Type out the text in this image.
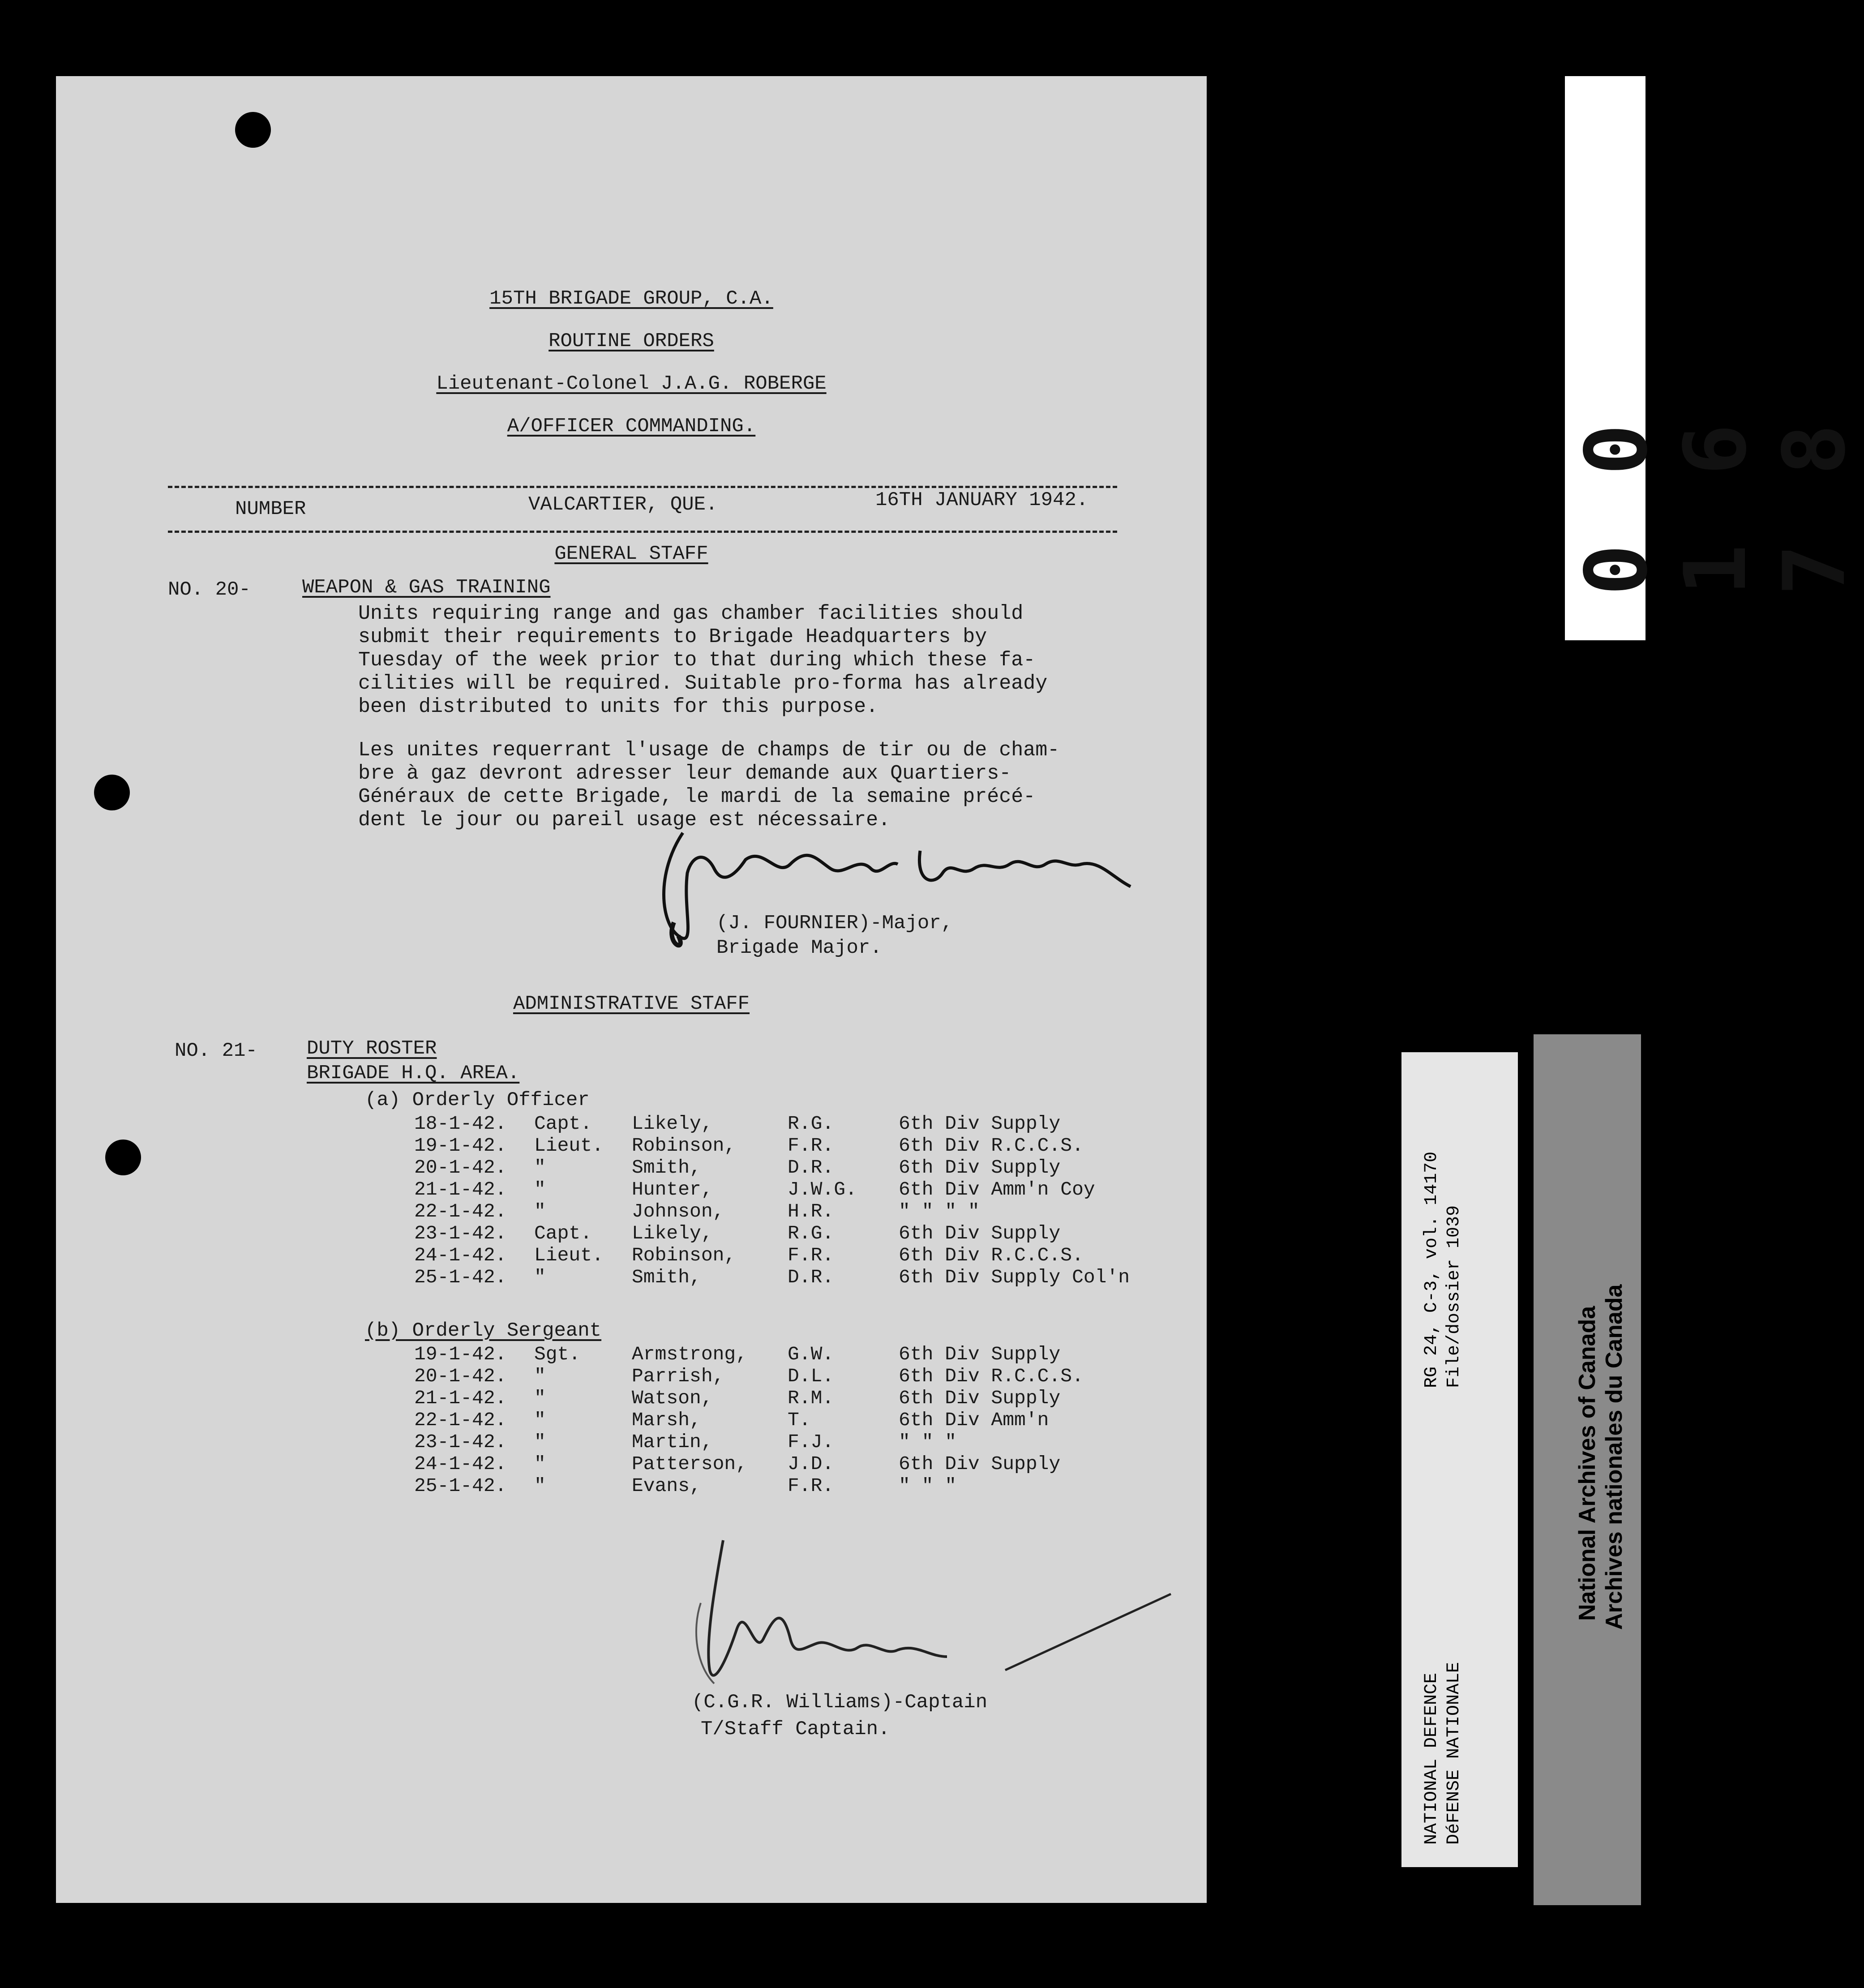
15TH BRIGADE GROUP, C.A.
ROUTINE ORDERS
Lieutenant-Colonel J.A.G. ROBERGE
A/OFFICER COMMANDING.
NUMBER	VALCARTIER, QUE.	16TH JANUARY 1942.
GENERAL STAFF
NO. 20-	WEAPON & GAS TRAINING
Units requiring range and gas chamber facilities should
submit their requirements to Brigade Headquarters by
Tuesday of the week prior to that during which these fa-
cilities will be required. Suitable pro-forma has already
been distributed to units for this purpose.
Les unites requerrant l'usage de champs de tir ou de cham-
bre à gaz devront adresser leur demande aux Quartiers-
Généraux de cette Brigade, le mardi de la semaine précé-
dent le jour ou pareil usage est nécessaire.
(J. FOURNIER)-Major,
Brigade Major.
ADMINISTRATIVE STAFF
NO. 21-	DUTY ROSTER
BRIGADE H.Q. AREA.
(a) Orderly Officer
18-1-42.	Capt.	Likely,	R.G.	6th Div Supply
19-1-42.	Lieut.	Robinson,	F.R.	6th Div R.C.C.S.
20-1-42.	"	Smith,	D.R.	6th Div Supply
21-1-42.	"	Hunter,	J.W.G.	6th Div Amm'n Coy
22-1-42.	"	Johnson,	H.R.	" " " "
23-1-42.	Capt.	Likely,	R.G.	6th Div Supply
24-1-42.	Lieut.	Robinson,	F.R.	6th Div R.C.C.S.
25-1-42.	"	Smith,	D.R.	6th Div Supply Col'n
(b) Orderly Sergeant
19-1-42.	Sgt.	Armstrong,	G.W.	6th Div Supply
20-1-42.	"	Parrish,	D.L.	6th Div R.C.C.S.
21-1-42.	"	Watson,	R.M.	6th Div Supply
22-1-42.	"	Marsh,	T.	6th Div Amm'n
23-1-42.	"	Martin,	F.J.	" " "
24-1-42.	"	Patterson,	J.D.	6th Div Supply
25-1-42.	"	Evans,	F.R.	" " "
(C.G.R. Williams)-Captain
T/Staff Captain.
0 0 1 6 7 8
RG 24, C-3, vol. 14170 File/dossier 1039
NATIONAL DEFENCE DéFENSE NATIONALE
National Archives of Canada Archives nationales du Canada
